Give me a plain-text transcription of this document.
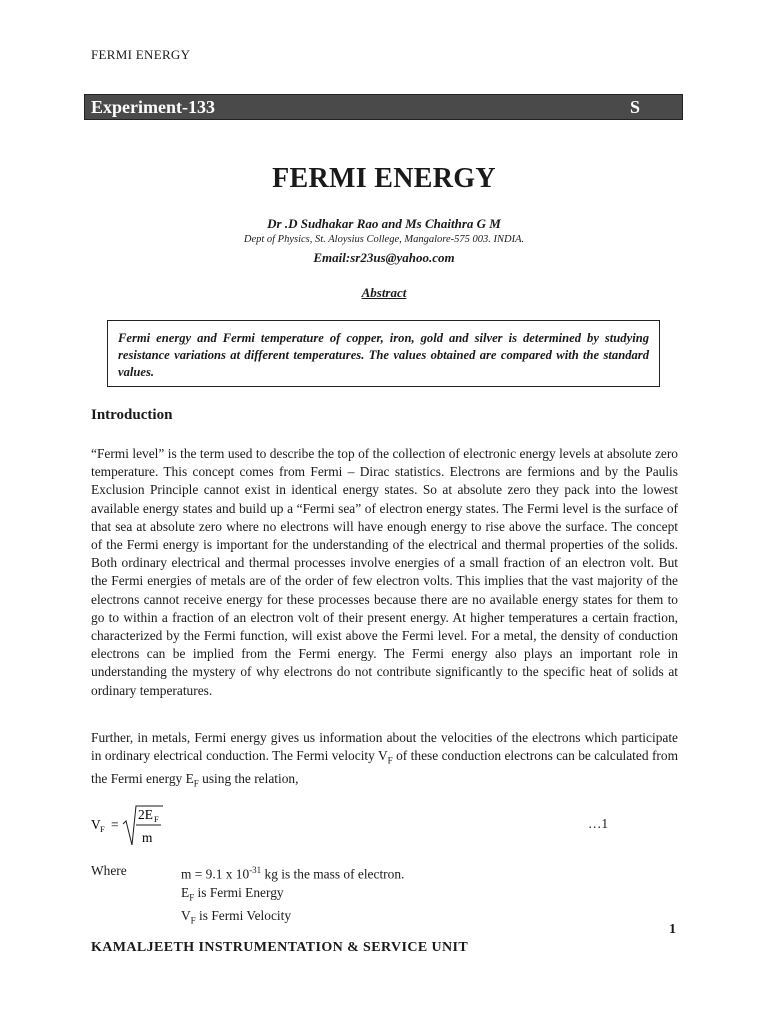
FERMI ENERGY
Experiment-133	S
FERMI ENERGY
Dr .D Sudhakar Rao and Ms Chaithra G M
Dept of Physics, St. Aloysius College, Mangalore-575 003. INDIA.
Email:sr23us@yahoo.com
Abstract
Fermi energy and Fermi temperature of copper, iron, gold and silver is determined by studying resistance variations at different temperatures. The values obtained are compared with the standard values.
Introduction
“Fermi level” is the term used to describe the top of the collection of electronic energy levels at absolute zero temperature. This concept comes from Fermi – Dirac statistics. Electrons are fermions and by the Paulis Exclusion Principle cannot exist in identical energy states. So at absolute zero they pack into the lowest available energy states and build up a “Fermi sea” of electron energy states. The Fermi level is the surface of that sea at absolute zero where no electrons will have enough energy to rise above the surface. The concept of the Fermi energy is important for the understanding of the electrical and thermal properties of the solids. Both ordinary electrical and thermal processes involve energies of a small fraction of an electron volt. But the Fermi energies of metals are of the order of few electron volts. This implies that the vast majority of the electrons cannot receive energy for these processes because there are no available energy states for them to go to within a fraction of an electron volt of their present energy. At higher temperatures a certain fraction, characterized by the Fermi function, will exist above the Fermi level. For a metal, the density of conduction electrons can be implied from the Fermi energy. The Fermi energy also plays an important role in understanding the mystery of why electrons do not contribute significantly to the specific heat of solids at ordinary temperatures.
Further, in metals, Fermi energy gives us information about the velocities of the electrons which participate in ordinary electrical conduction. The Fermi velocity $V_F$ of these conduction electrons can be calculated from the Fermi energy $E_F$ using the relation,
V F =
2E F
m
…1
Where	m = 9.1 x $10^{-31}$ kg is the mass of electron.
$E_F$ is Fermi Energy
$V_F$ is Fermi Velocity
1
KAMALJEETH INSTRUMENTATION & SERVICE UNIT
